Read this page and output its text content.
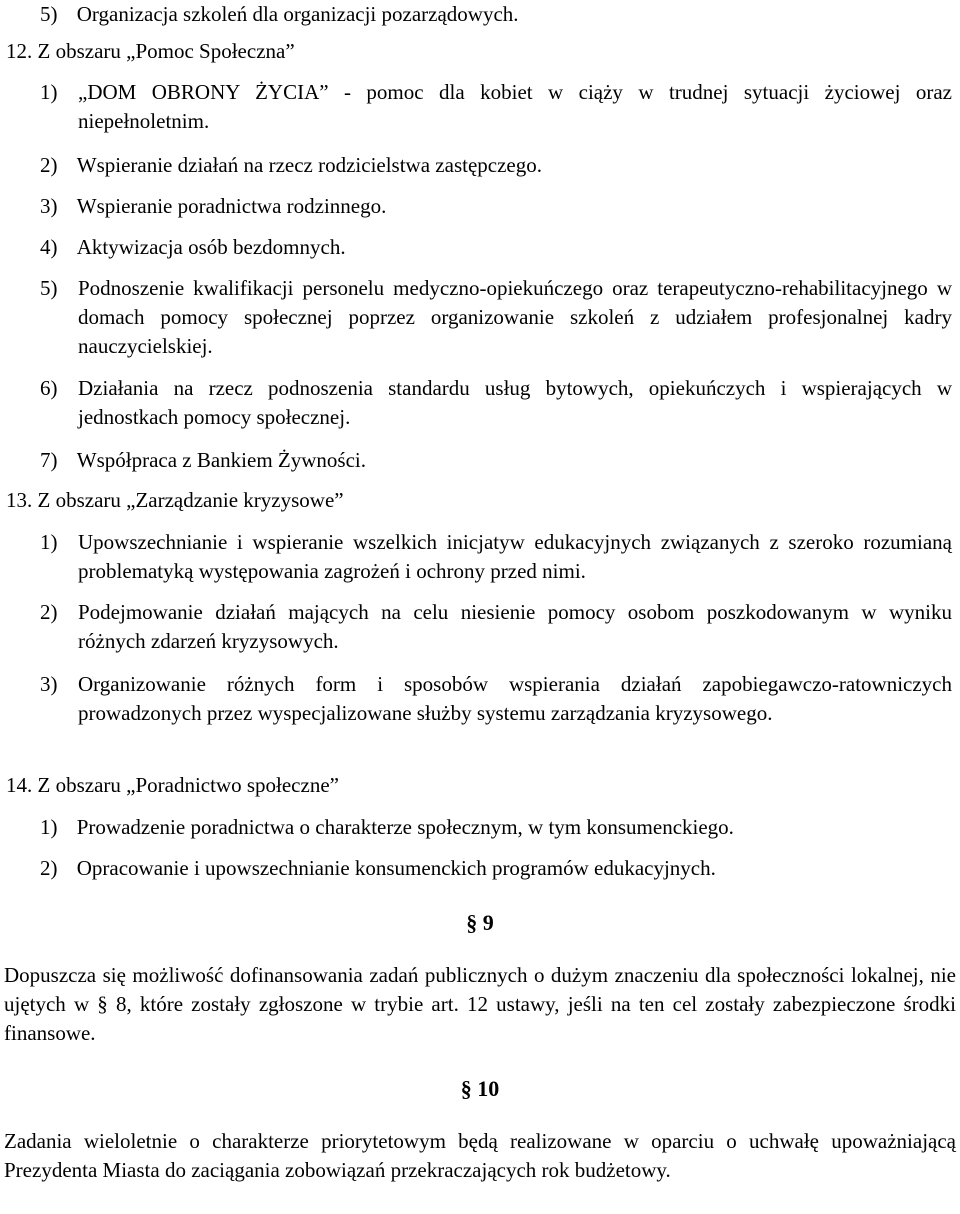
5) Organizacja szkoleń dla organizacji pozarządowych.
12. Z obszaru „Pomoc Społeczna”
1) „DOM OBRONY ŻYCIA” - pomoc dla kobiet w ciąży w trudnej sytuacji życiowej oraz niepełnoletnim.
2) Wspieranie działań na rzecz rodzicielstwa zastępczego.
3) Wspieranie poradnictwa rodzinnego.
4) Aktywizacja osób bezdomnych.
5) Podnoszenie kwalifikacji personelu medyczno-opiekuńczego oraz terapeutyczno-rehabilitacyjnego w domach pomocy społecznej poprzez organizowanie szkoleń z udziałem profesjonalnej kadry nauczycielskiej.
6) Działania na rzecz podnoszenia standardu usług bytowych, opiekuńczych i wspierających w jednostkach pomocy społecznej.
7) Współpraca z Bankiem Żywności.
13. Z obszaru „Zarządzanie kryzysowe”
1) Upowszechnianie i wspieranie wszelkich inicjatyw edukacyjnych związanych z szeroko rozumianą problematyką występowania zagrożeń i ochrony przed nimi.
2) Podejmowanie działań mających na celu niesienie pomocy osobom poszkodowanym w wyniku różnych zdarzeń kryzysowych.
3) Organizowanie różnych form i sposobów wspierania działań zapobiegawczo-ratowniczych prowadzonych przez wyspecjalizowane służby systemu zarządzania kryzysowego.
14. Z obszaru „Poradnictwo społeczne”
1) Prowadzenie poradnictwa o charakterze społecznym, w tym konsumenckiego.
2) Opracowanie i upowszechnianie konsumenckich programów edukacyjnych.
§ 9
Dopuszcza się możliwość dofinansowania zadań publicznych o dużym znaczeniu dla społeczności lokalnej, nie ujętych w § 8, które zostały zgłoszone w trybie art. 12 ustawy, jeśli na ten cel zostały zabezpieczone środki finansowe.
§ 10
Zadania wieloletnie o charakterze priorytetowym będą realizowane w oparciu o uchwałę upoważniającą Prezydenta Miasta do zaciągania zobowiązań przekraczających rok budżetowy.
